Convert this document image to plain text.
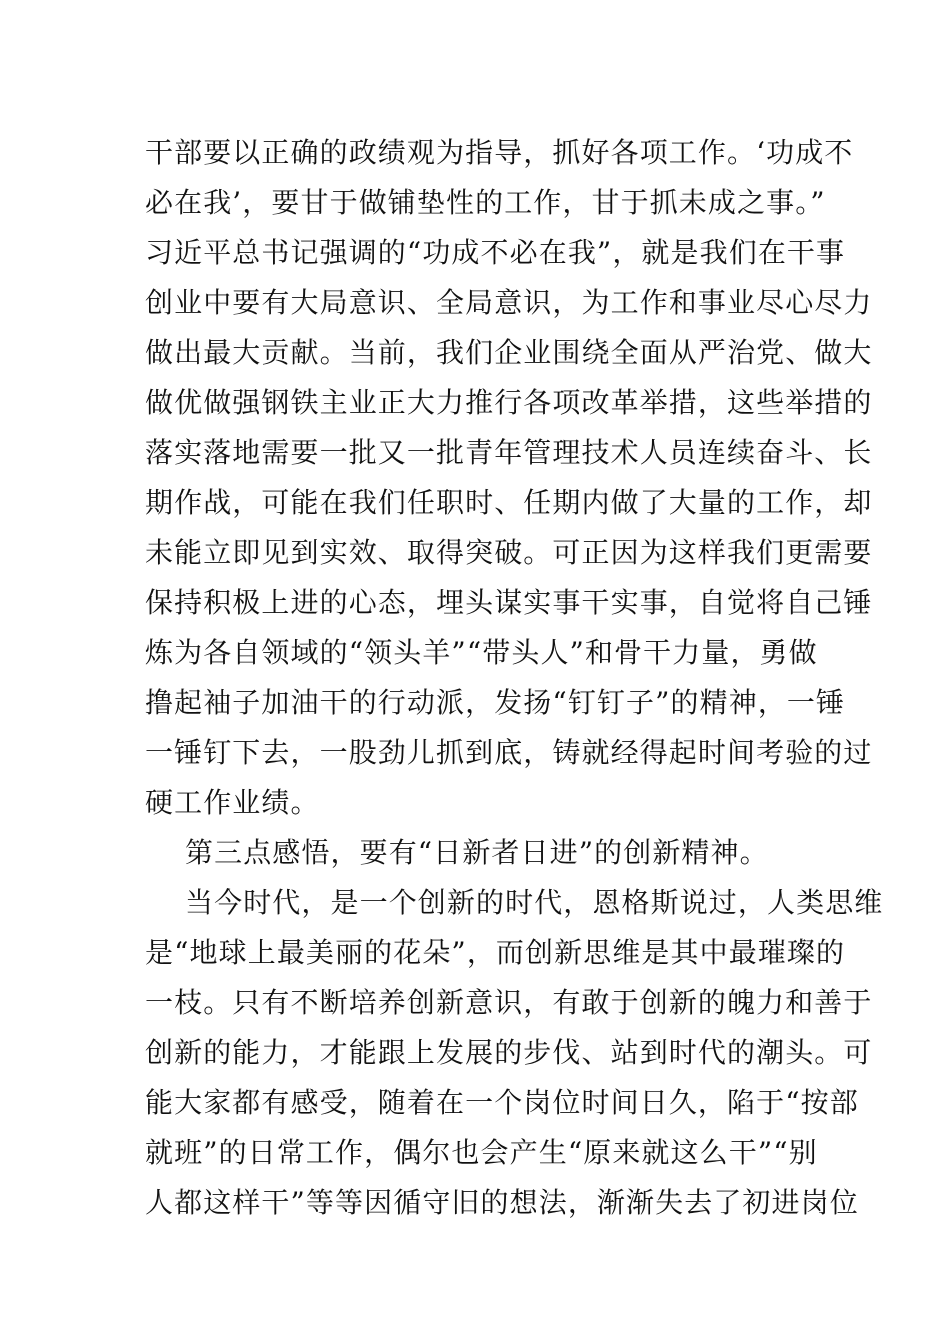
干部要以正确的政绩观为指导，抓好各项工作。‘功成不
必在我’，要甘于做铺垫性的工作，甘于抓未成之事。”
习近平总书记强调的“功成不必在我”，就是我们在干事
创业中要有大局意识、全局意识，为工作和事业尽心尽力
做出最大贡献。当前，我们企业围绕全面从严治党、做大
做优做强钢铁主业正大力推行各项改革举措，这些举措的
落实落地需要一批又一批青年管理技术人员连续奋斗、长
期作战，可能在我们任职时、任期内做了大量的工作，却
未能立即见到实效、取得突破。可正因为这样我们更需要
保持积极上进的心态，埋头谋实事干实事，自觉将自己锤
炼为各自领域的“领头羊”“带头人”和骨干力量，勇做
撸起袖子加油干的行动派，发扬“钉钉子”的精神，一锤
一锤钉下去，一股劲儿抓到底，铸就经得起时间考验的过
硬工作业绩。
第三点感悟，要有“日新者日进”的创新精神。
当今时代，是一个创新的时代，恩格斯说过，人类思维
是“地球上最美丽的花朵”，而创新思维是其中最璀璨的
一枝。只有不断培养创新意识，有敢于创新的魄力和善于
创新的能力，才能跟上发展的步伐、站到时代的潮头。可
能大家都有感受，随着在一个岗位时间日久，陷于“按部
就班”的日常工作，偶尔也会产生“原来就这么干”“别
人都这样干”等等因循守旧的想法，渐渐失去了初进岗位
